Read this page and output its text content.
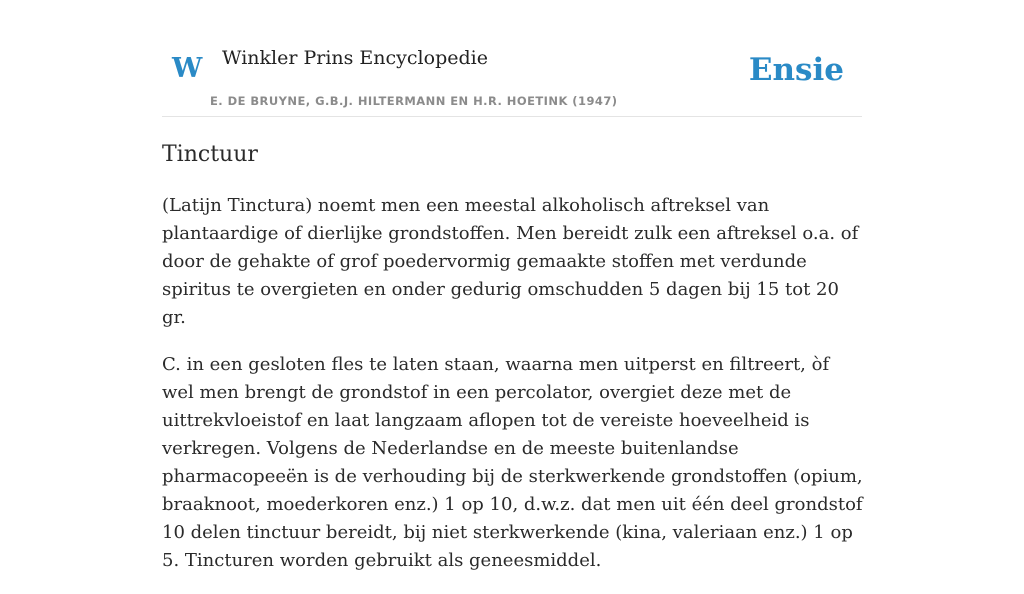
W Winkler Prins Encyclopedie
E. DE BRUYNE, G.B.J. HILTERMANN EN H.R. HOETINK (1947)
Ensie
Tinctuur

(Latijn Tinctura) noemt men een meestal alkoholisch aftreksel van plantaardige of dierlijke grondstoffen. Men bereidt zulk een aftreksel o.a. of door de gehakte of grof poedervormig gemaakte stoffen met verdunde spiritus te overgieten en onder gedurig omschudden 5 dagen bij 15 tot 20 gr.

C. in een gesloten fles te laten staan, waarna men uitperst en filtreert, òf wel men brengt de grondstof in een percolator, overgiet deze met de uittrekvloeistof en laat langzaam aflopen tot de vereiste hoeveelheid is verkregen. Volgens de Nederlandse en de meeste buitenlandse pharmacopeeën is de verhouding bij de sterkwerkende grondstoffen (opium, braaknoot, moederkoren enz.) 1 op 10, d.w.z. dat men uit één deel grondstof 10 delen tinctuur bereidt, bij niet sterkwerkende (kina, valeriaan enz.) 1 op 5. Tincturen worden gebruikt als geneesmiddel.
